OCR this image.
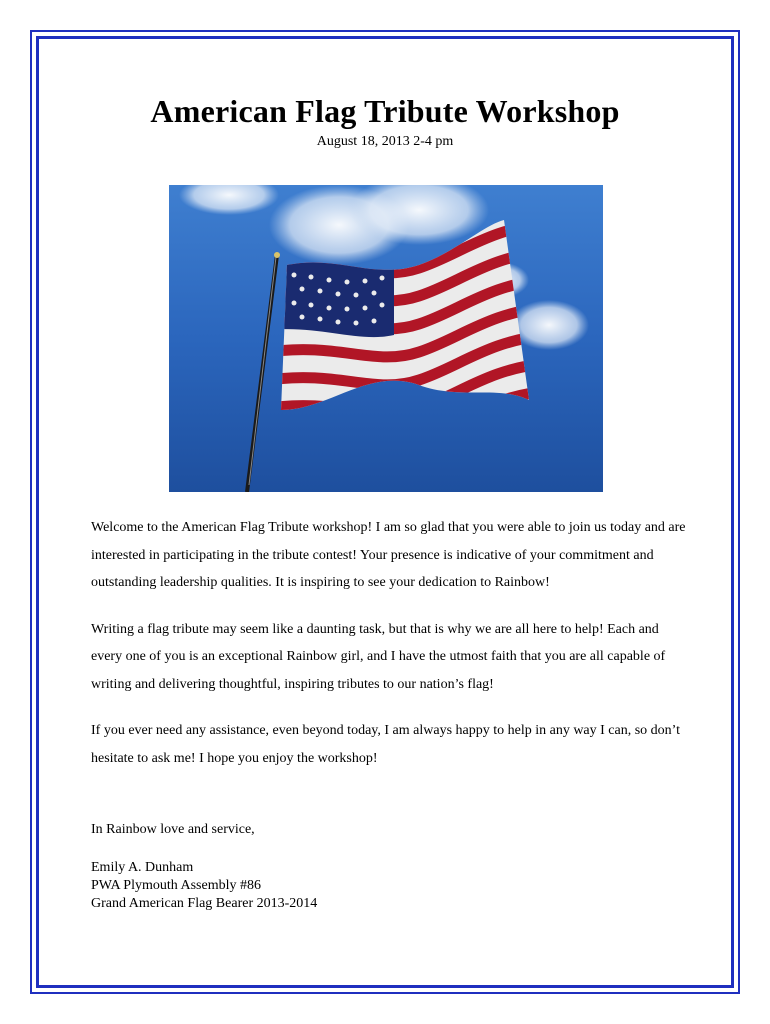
American Flag Tribute Workshop
August 18, 2013 2-4 pm

Welcome to the American Flag Tribute workshop! I am so glad that you were able to join us today and are interested in participating in the tribute contest! Your presence is indicative of your commitment and outstanding leadership qualities. It is inspiring to see your dedication to Rainbow!

Writing a flag tribute may seem like a daunting task, but that is why we are all here to help! Each and every one of you is an exceptional Rainbow girl, and I have the utmost faith that you are all capable of writing and delivering thoughtful, inspiring tributes to our nation’s flag!

If you ever need any assistance, even beyond today, I am always happy to help in any way I can, so don’t hesitate to ask me! I hope you enjoy the workshop!

In Rainbow love and service,
Emily A. Dunham
PWA Plymouth Assembly #86
Grand American Flag Bearer 2013-2014
